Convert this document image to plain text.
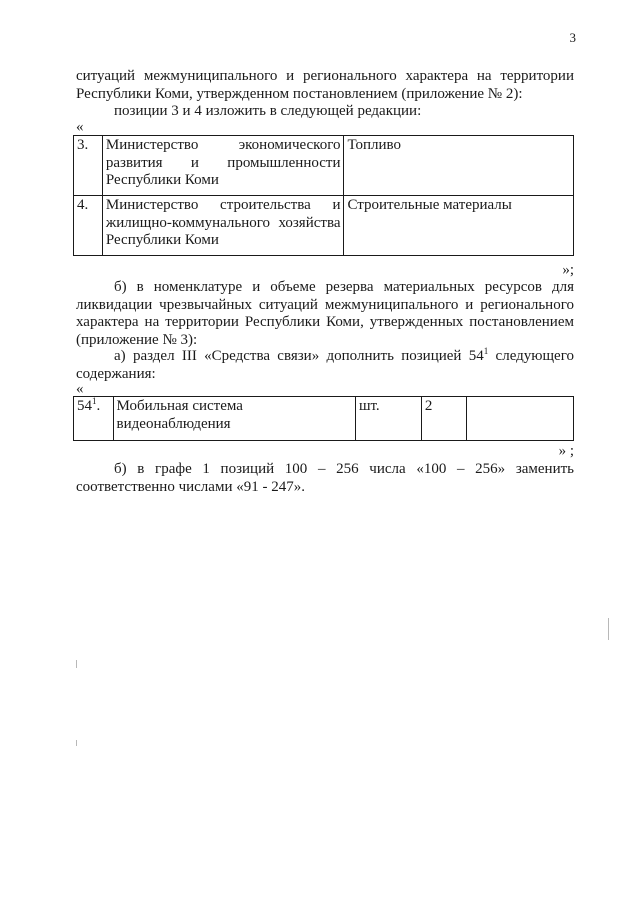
3
ситуаций межмуниципального и регионального характера на территории Республики Коми, утвержденном постановлением (приложение № 2):
позиции 3 и 4 изложить в следующей редакции:
«
3.	Министерство экономического развития и промышленности Республики Коми	Топливо
4.	Министерство строительства и жилищно-коммунального хозяйства Республики Коми	Строительные материалы
»;
б) в номенклатуре и объеме резерва материальных ресурсов для ликвидации чрезвычайных ситуаций межмуниципального и регионального характера на территории Республики Коми, утвержденных постановлением (приложение № 3):
а) раздел III «Средства связи» дополнить позицией $54^1$ следующего содержания:
«
$54^1$.	Мобильная система видеонаблюдения	шт.	2	
» ;
б) в графе 1 позиций 100 – 256 числа «100 – 256» заменить соответственно числами «91 - 247».
